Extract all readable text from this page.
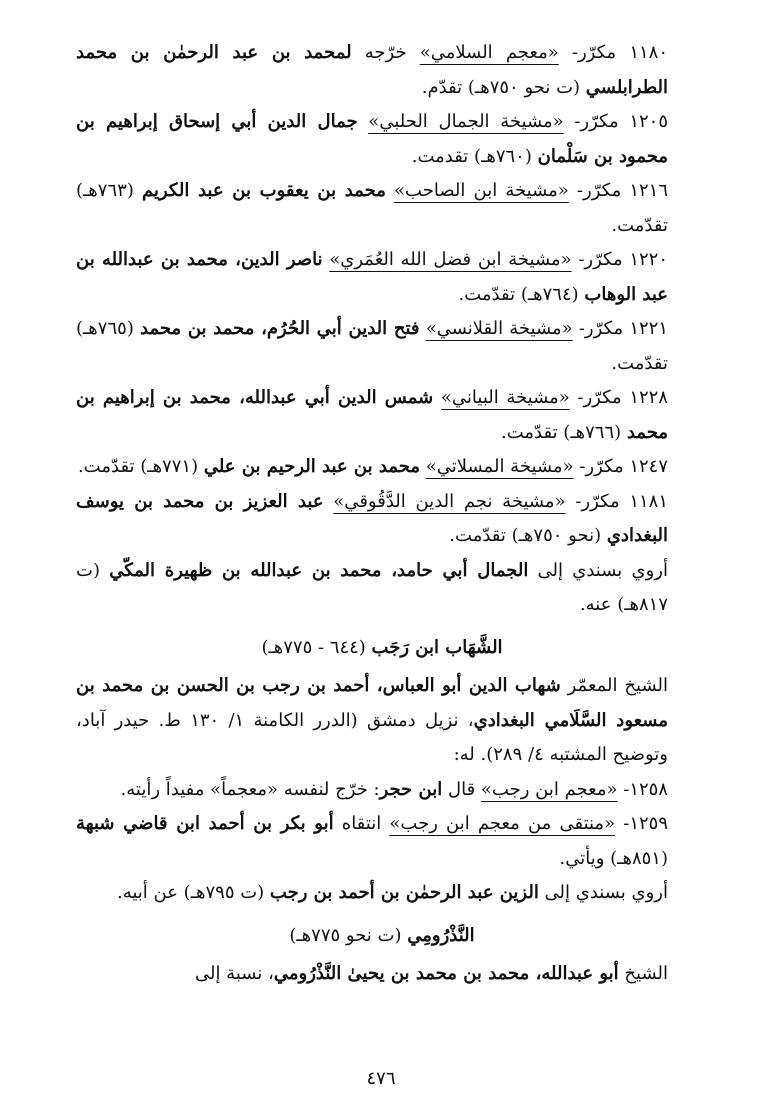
١١٨٠ مكرّر- «معجم السلامي» خرّجه لمحمد بن عبد الرحمٰن بن محمد الطرابلسي (ت نحو ٧٥٠هـ) تقدّم.

١٢٠٥ مكرّر- «مشيخة الجمال الحلبي» جمال الدين أبي إسحاق إبراهيم بن محمود بن سَلْمان (٧٦٠هـ) تقدمت.

١٢١٦ مكرّر- «مشيخة ابن الصاحب» محمد بن يعقوب بن عبد الكريم (٧٦٣هـ) تقدّمت.

١٢٢٠ مكرّر- «مشيخة ابن فضل الله العُمَري» ناصر الدين، محمد بن عبدالله بن عبد الوهاب (٧٦٤هـ) تقدّمت.

١٢٢١ مكرّر- «مشيخة القلانسي» فتح الدين أبي الحُرُم، محمد بن محمد (٧٦٥هـ) تقدّمت.

١٢٢٨ مكرّر- «مشيخة البياني» شمس الدين أبي عبدالله، محمد بن إبراهيم بن محمد (٧٦٦هـ) تقدّمت.

١٢٤٧ مكرّر- «مشيخة المسلاتي» محمد بن عبد الرحيم بن علي (٧٧١هـ) تقدّمت.

١١٨١ مكرّر- «مشيخة نجم الدين الدَّقُوقي» عبد العزيز بن محمد بن يوسف البغدادي (نحو ٧٥٠هـ) تقدّمت.

أروي بسندي إلى الجمال أبي حامد، محمد بن عبدالله بن ظهيرة المكّي (ت ٨١٧هـ) عنه.

الشَّهَاب ابن رَجَب (٦٤٤ - ٧٧٥هـ)

الشيخ المعمّر شهاب الدين أبو العباس، أحمد بن رجب بن الحسن بن محمد بن مسعود السَّلَامي البغدادي، نزيل دمشق (الدرر الكامنة ١/ ١٣٠ ط. حيدر آباد، وتوضيح المشتبه ٤/ ٢٨٩). له:

١٢٥٨- «معجم ابن رجب» قال ابن حجر: خرّج لنفسه «معجماً» مفيداً رأيته.

١٢٥٩- «منتقى من معجم ابن رجب» انتقاه أبو بكر بن أحمد ابن قاضي شبهة (٨٥١هـ) ويأتي.

أروي بسندي إلى الزين عبد الرحمٰن بن أحمد بن رجب (ت ٧٩٥هـ) عن أبيه.

النَّذْرُومِي (ت نحو ٧٧٥هـ)

الشيخ أبو عبدالله، محمد بن محمد بن يحيىٰ النَّذْرُومي، نسبة إلى

٤٧٦
